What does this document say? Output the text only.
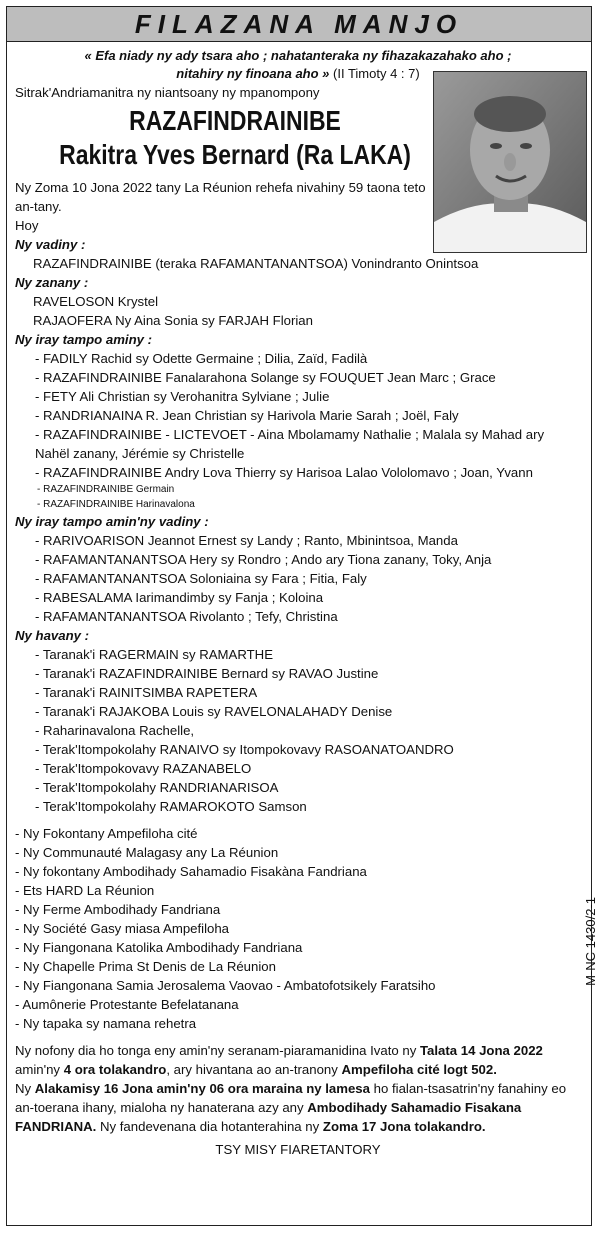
FILAZANA MANJO
« Efa niady ny ady tsara aho ; nahatanteraka ny fihazakazahako aho ;
nitahiry ny finoana aho » (II Timoty 4 : 7)
Sitrak'Andriamanitra ny niantsoany ny mpanompony
RAZAFINDRAINIBE
Rakitra Yves Bernard (Ra LAKA)
Ny Zoma 10 Jona 2022 tany La Réunion rehefa nivahiny 59 taona teto
an-tany.
Hoy
Ny vadiny :
RAZAFINDRAINIBE (teraka RAFAMANTANANTSOA) Vonindranto Onintsoa
Ny zanany :
RAVELOSON Krystel
RAJAOFERA Ny Aina Sonia sy FARJAH Florian
Ny iray tampo aminy :
- FADILY Rachid sy Odette Germaine ; Dilia, Zaïd, Fadilà
- RAZAFINDRAINIBE Fanalarahona Solange sy FOUQUET Jean Marc ; Grace
- FETY Ali Christian sy Verohanitra Sylviane ; Julie
- RANDRIANAINA R. Jean Christian sy Harivola Marie Sarah ; Joël, Faly
- RAZAFINDRAINIBE - LICTEVOET - Aina Mbolamamy Nathalie ; Malala sy Mahad ary Nahël zanany, Jérémie sy Christelle
- RAZAFINDRAINIBE Andry Lova Thierry sy Harisoa Lalao Vololomavo ; Joan, Yvann
- RAZAFINDRAINIBE Germain
- RAZAFINDRAINIBE Harinavalona
Ny iray tampo amin'ny vadiny :
- RARIVOARISON Jeannot Ernest sy Landy ; Ranto, Mbinintsoa, Manda
- RAFAMANTANANTSOA Hery sy Rondro ; Ando ary Tiona zanany, Toky, Anja
- RAFAMANTANANTSOA Soloniaina sy Fara ; Fitia, Faly
- RABESALAMA Iarimandimby sy Fanja ; Koloina
- RAFAMANTANANTSOA Rivolanto ; Tefy, Christina
Ny havany :
- Taranak'i RAGERMAIN sy RAMARTHE
- Taranak'i RAZAFINDRAINIBE Bernard sy RAVAO Justine
- Taranak'i RAINITSIMBA RAPETERA
- Taranak'i RAJAKOBA Louis sy RAVELONALAHADY Denise
- Raharinavalona Rachelle,
- Terak'Itompokolahy RANAIVO sy Itompokovavy RASOANATOANDRO
- Terak'Itompokovavy RAZANABELO
- Terak'Itompokolahy RANDRIANARISOA
- Terak'Itompokolahy RAMAROKOTO Samson
- Ny Fokontany Ampefiloha cité
- Ny Communauté Malagasy any La Réunion
- Ny fokontany Ambodihady Sahamadio Fisakàna Fandriana
- Ets HARD La Réunion
- Ny Ferme Ambodihady Fandriana
- Ny Société Gasy miasa Ampefiloha
- Ny Fiangonana Katolika Ambodihady Fandriana
- Ny Chapelle Prima St Denis de La Réunion
- Ny Fiangonana Samia Jerosalema Vaovao - Ambatofotsikely Faratsiho
- Aumônerie Protestante Befelatanana
- Ny tapaka sy namana rehetra
Ny nofony dia ho tonga eny amin'ny seranam-piaramanidina Ivato ny Talata 14 Jona 2022 amin'ny 4 ora tolakandro, ary hivantana ao an-tranony Ampefiloha cité logt 502.
Ny Alakamisy 16 Jona amin'ny 06 ora maraina ny lamesa ho fialan-tsasatrin'ny fanahiny eo an-toerana ihany, mialoha ny hanaterana azy any Ambodihady Sahamadio Fisakana FANDRIANA. Ny fandevenana dia hotanterahina ny Zoma 17 Jona tolakandro.
TSY MISY FIARETANTORY
M-NC 1430/2-1
